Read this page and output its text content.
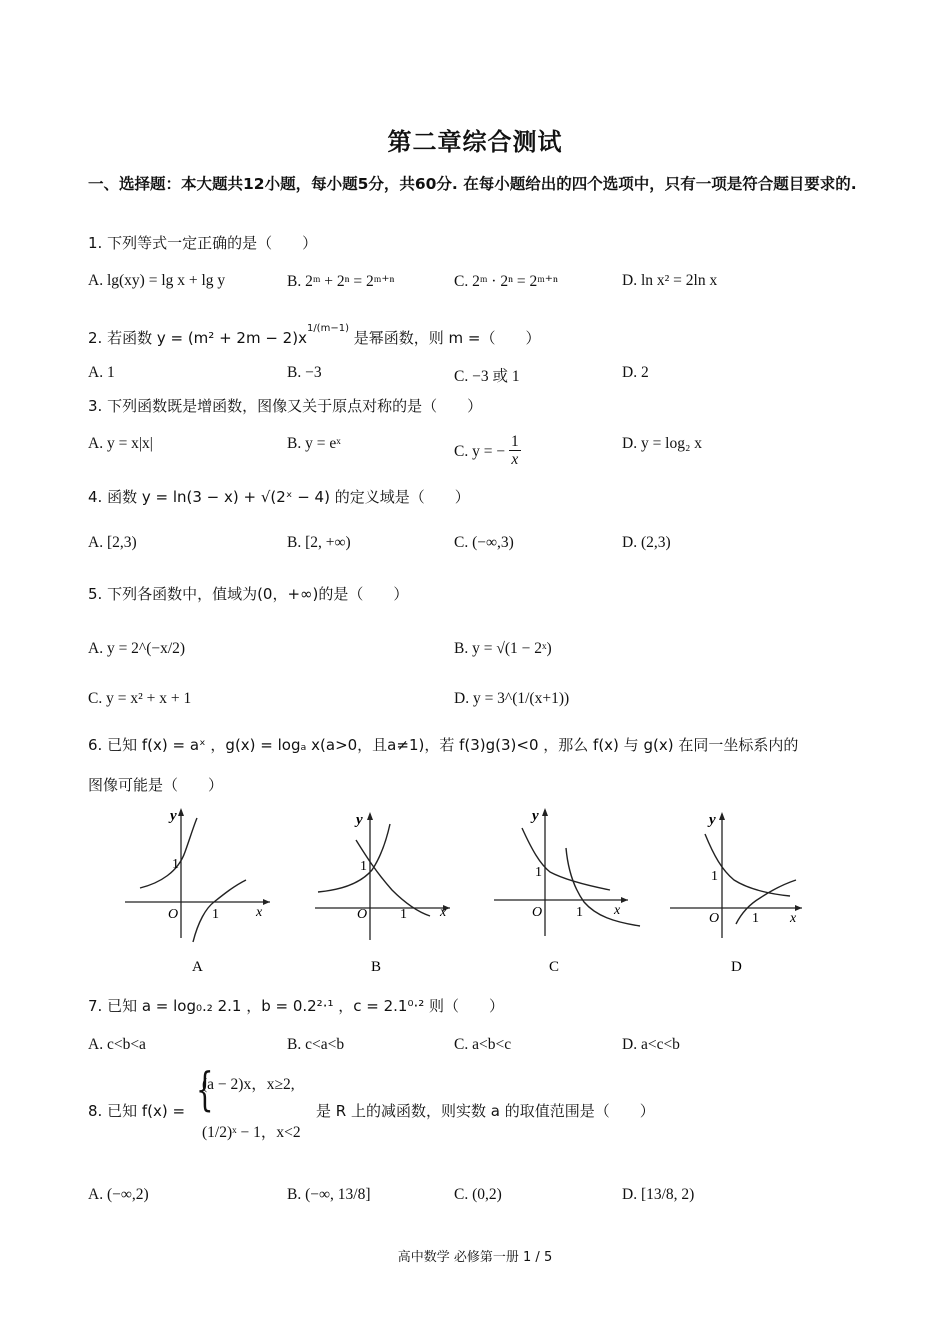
第二章综合测试
一、选择题：本大题共12小题，每小题5分，共60分. 在每小题给出的四个选项中，只有一项是符合题目要求的.
1. 下列等式一定正确的是（　　）
A. lg(xy) = lg x + lg y	B. 2ᵐ + 2ⁿ = 2ᵐ⁺ⁿ	C. 2ᵐ · 2ⁿ = 2ᵐ⁺ⁿ	D. ln x² = 2ln x
2. 若函数 $y = (m^2 + 2m - 2)x^{1/(m-1)}$ 是幂函数，则 m =（　　）
A. 1	B. −3	C. −3 或 1	D. 2
3. 下列函数既是增函数，图像又关于原点对称的是（　　）
A. y = x|x|	B. y = eˣ	C. y = − $\frac{1}{x}$	D. y = log₂ x
4. 函数 y = ln(3 − x) + √(2ˣ − 4) 的定义域是（　　）
A. [2,3)	B. [2, +∞)	C. (−∞,3)	D. (2,3)
5. 下列各函数中，值域为(0，+∞)的是（　　）
A. y = 2^(−x/2)	B. y = √(1 − 2ˣ)
C. y = x² + x + 1	D. y = 3^(1/(x+1))
6. 已知 f(x) = aˣ ，g(x) = logₐ x(a>0，且a≠1)，若 f(3)g(3)<0 ，那么 f(x) 与 g(x) 在同一坐标系内的
图像可能是（　　）
y
x
O
1
1
A
y
x
O
1
1
B
y
x
O
1
1
C
y
x
O
1
1
D
7. 已知 a = log₀.₂ 2.1 ，b = 0.2²·¹ ，c = 2.1⁰·² 则（　　）
A. c<b<a	B. c<a<b	C. a<b<c	D. a<c<b
8. 已知 f(x) = {
(a − 2)x，x≥2,
(1/2)ˣ − 1，x<2
是 R 上的减函数，则实数 a 的取值范围是（　　）
A. (−∞,2)	B. (−∞, 13/8]	C. (0,2)	D. [13/8, 2)
高中数学 必修第一册 1 / 5
